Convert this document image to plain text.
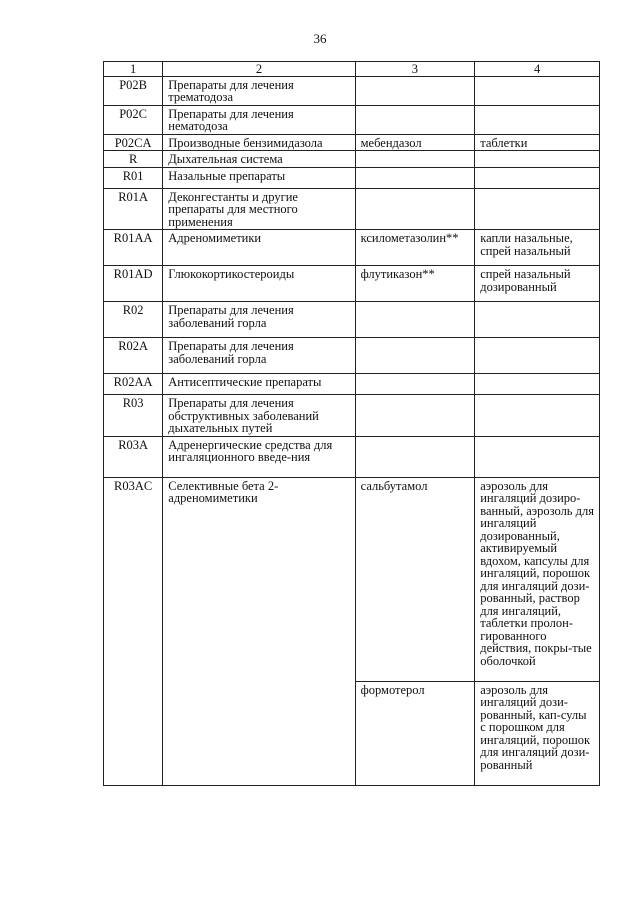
36
1	2	3	4
P02B	Препараты для лечения трематодоза		
P02C	Препараты для лечения нематодоза		
P02CA	Производные бензимидазола	мебендазол	таблетки
R	Дыхательная система		
R01	Назальные препараты		
R01A	Деконгестанты и другие препараты для местного применения		
R01AA	Адреномиметики	ксилометазолин**	капли назальные, спрей назальный
R01AD	Глюкокортикостероиды	флутиказон**	спрей назальный дозированный
R02	Препараты для лечения заболеваний горла		
R02A	Препараты для лечения заболеваний горла		
R02AA	Антисептические препараты		
R03	Препараты для лечения обструктивных заболеваний дыхательных путей		
R03A	Адренергические средства для ингаляционного введе-ния		
R03AC	Селективные бета 2-адреномиметики	сальбутамол	аэрозоль для ингаляций дозиро-ванный, аэрозоль для ингаляций дозированный, активируемый вдохом, капсулы для ингаляций, порошок для ингаляций дози-рованный, раствор для ингаляций, таблетки пролон-гированного действия, покры-тые оболочкой
		формотерол	аэрозоль для ингаляций дози-рованный, кап-сулы с порошком для ингаляций, порошок для ингаляций дози-рованный
